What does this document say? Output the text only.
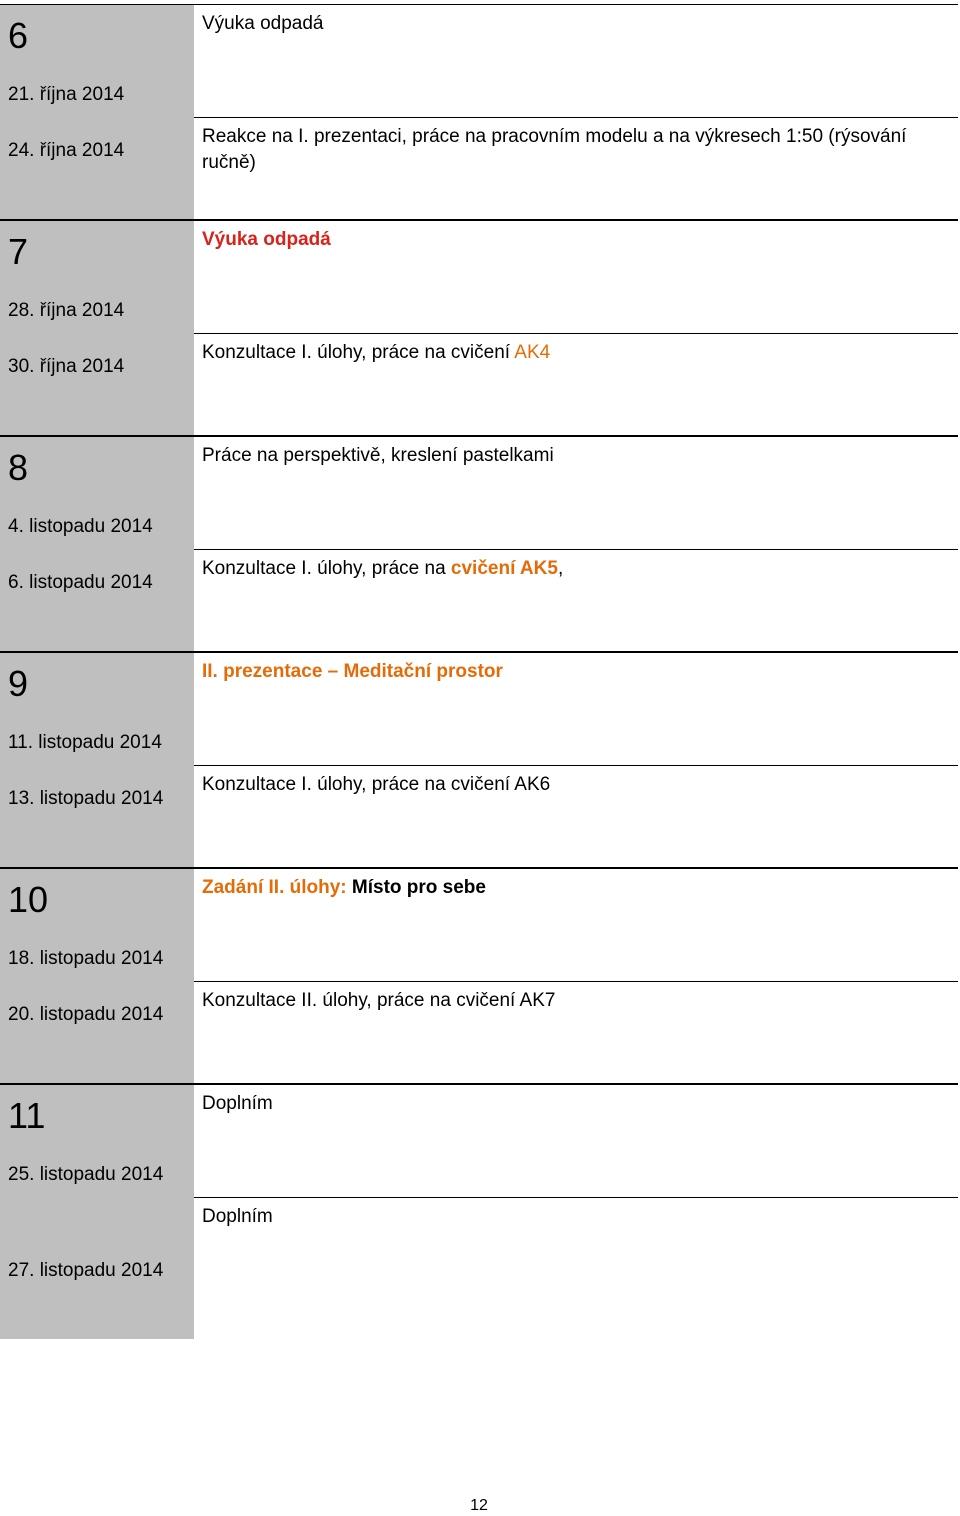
6
21. října 2014
24. října 2014
Výuka odpadá
Reakce na I. prezentaci, práce na pracovním modelu a na výkresech 1:50 (rýsování ručně)
7
28. října 2014
30. října 2014
Výuka odpadá
Konzultace I. úlohy, práce na cvičení AK4
8
4. listopadu 2014
6. listopadu 2014
Práce na perspektivě, kreslení pastelkami
Konzultace I. úlohy, práce na cvičení AK5,
9
11. listopadu 2014
13. listopadu 2014
II. prezentace – Meditační prostor
Konzultace I. úlohy, práce na cvičení AK6
10
18. listopadu 2014
20. listopadu 2014
Zadání II. úlohy: Místo pro sebe
Konzultace II. úlohy, práce na cvičení AK7
11
25. listopadu 2014
27. listopadu 2014
Doplním
Doplním
12
